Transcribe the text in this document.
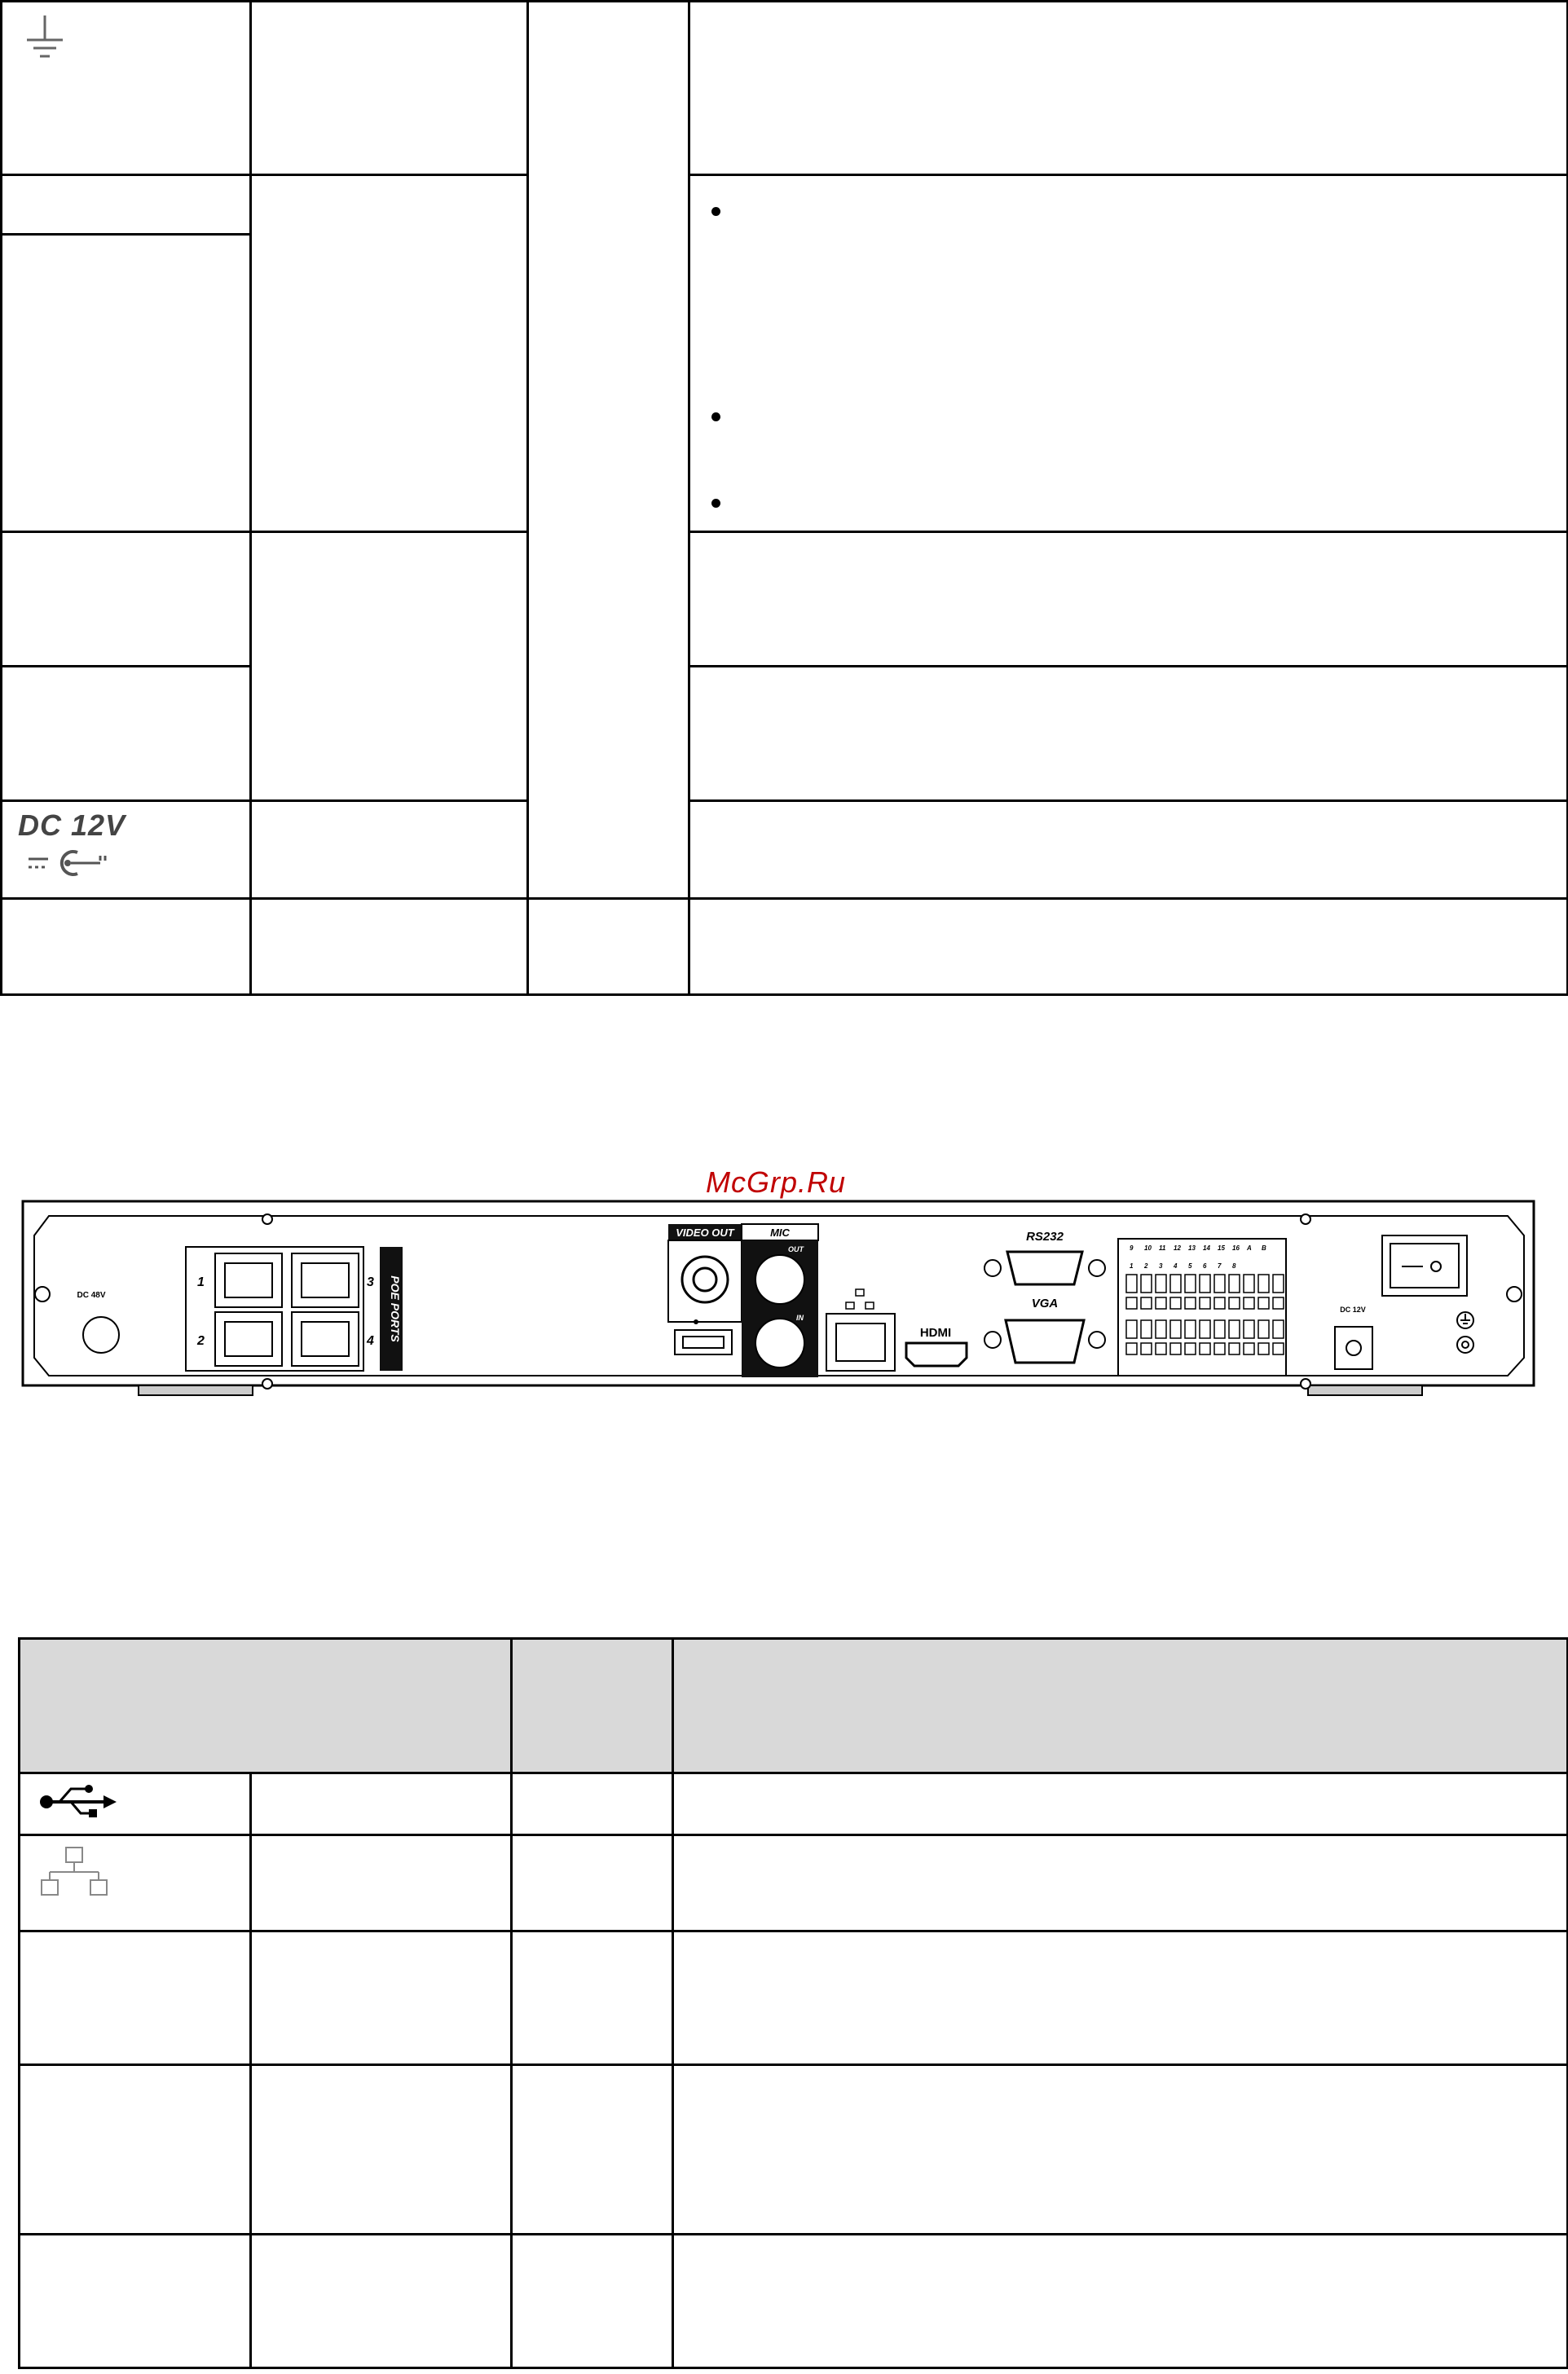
DC 12V
McGrp.Ru
DC 48V	POE PORTS
1
2
3
4
VIDEO OUT	MIC
OUT
IN
HDMI
RS232
VGA
9 10 11 12 13 14 15 16 A B
1 2 3 4 5 6 7 8
DC 12V
